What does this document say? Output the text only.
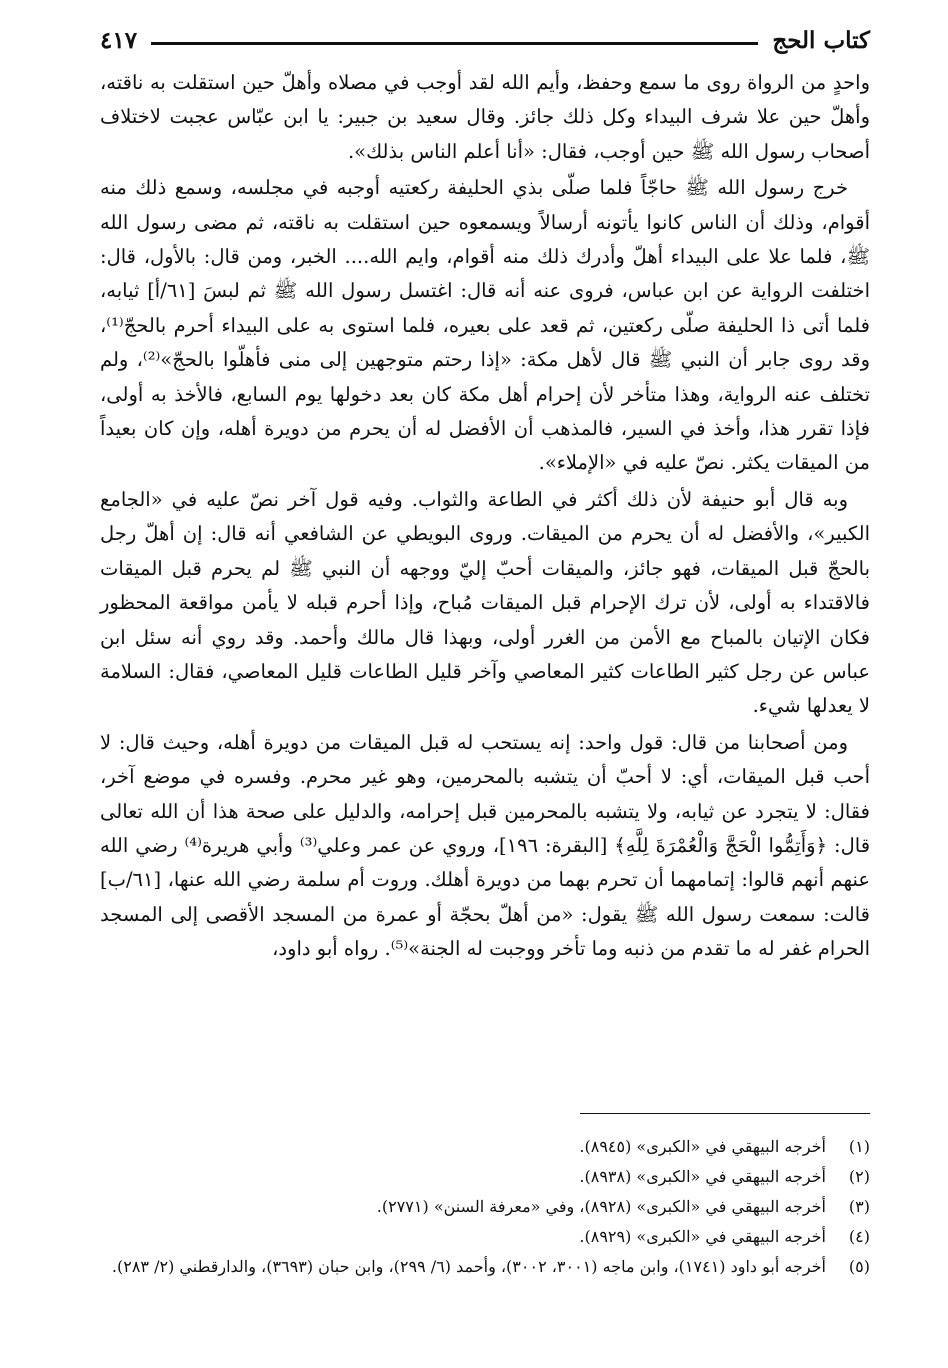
كتاب الحج
٤١٧

واحدٍ من الرواة روى ما سمع وحفظ، وأيم الله لقد أوجب في مصلاه وأهلّ حين استقلت به ناقته، وأهلّ حين علا شرف البيداء وكل ذلك جائز. وقال سعيد بن جبير: يا ابن عبّاس عجبت لاختلاف أصحاب رسول الله ﷺ حين أوجب، فقال: «أنا أعلم الناس بذلك».

خرج رسول الله ﷺ حاجّاً فلما صلّى بذي الحليفة ركعتيه أوجبه في مجلسه، وسمع ذلك منه أقوام، وذلك أن الناس كانوا يأتونه أرسالاً ويسمعوه حين استقلت به ناقته، ثم مضى رسول الله ﷺ، فلما علا على البيداء أهلّ وأدرك ذلك منه أقوام، وايم الله.... الخبر، ومن قال: بالأول، قال: اختلفت الرواية عن ابن عباس، فروى عنه أنه قال: اغتسل رسول الله ﷺ ثم لبسَ [٦١/أ] ثيابه، فلما أتى ذا الحليفة صلّى ركعتين، ثم قعد على بعيره، فلما استوى به على البيداء أحرم بالحجّ⁽¹⁾، وقد روى جابر أن النبي ﷺ قال لأهل مكة: «إذا رحتم متوجهين إلى منى فأهلّوا بالحجّ»⁽²⁾، ولم تختلف عنه الرواية، وهذا متأخر لأن إحرام أهل مكة كان بعد دخولها يوم السابع، فالأخذ به أولى، فإذا تقرر هذا، وأخذ في السير، فالمذهب أن الأفضل له أن يحرم من دويرة أهله، وإن كان بعيداً من الميقات يكثر. نصّ عليه في «الإملاء».

وبه قال أبو حنيفة لأن ذلك أكثر في الطاعة والثواب. وفيه قول آخر نصّ عليه في «الجامع الكبير»، والأفضل له أن يحرم من الميقات. وروى البويطي عن الشافعي أنه قال: إن أهلّ رجل بالحجّ قبل الميقات، فهو جائز، والميقات أحبّ إليّ ووجهه أن النبي ﷺ لم يحرم قبل الميقات فالاقتداء به أولى، لأن ترك الإحرام قبل الميقات مُباح، وإذا أحرم قبله لا يأمن مواقعة المحظور فكان الإتيان بالمباح مع الأمن من الغرر أولى، وبهذا قال مالك وأحمد. وقد روي أنه سئل ابن عباس عن رجل كثير الطاعات كثير المعاصي وآخر قليل الطاعات قليل المعاصي، فقال: السلامة لا يعدلها شيء.

ومن أصحابنا من قال: قول واحد: إنه يستحب له قبل الميقات من دويرة أهله، وحيث قال: لا أحب قبل الميقات، أي: لا أحبّ أن يتشبه بالمحرمين، وهو غير محرم. وفسره في موضع آخر، فقال: لا يتجرد عن ثيابه، ولا يتشبه بالمحرمين قبل إحرامه، والدليل على صحة هذا أن الله تعالى قال: ﴿وَأَتِمُّوا الْحَجَّ وَالْعُمْرَةَ لِلَّهِ﴾ [البقرة: ١٩٦]، وروي عن عمر وعلي⁽³⁾ وأبي هريرة⁽⁴⁾ رضي الله عنهم أنهم قالوا: إتمامهما أن تحرم بهما من دويرة أهلك. وروت أم سلمة رضي الله عنها، [٦١/ب] قالت: سمعت رسول الله ﷺ يقول: «من أهلّ بحجّة أو عمرة من المسجد الأقصى إلى المسجد الحرام غفر له ما تقدم من ذنبه وما تأخر ووجبت له الجنة»⁽⁵⁾. رواه أبو داود،

(١)
أخرجه البيهقي في «الكبرى» (٨٩٤٥).
(٢)
أخرجه البيهقي في «الكبرى» (٨٩٣٨).
(٣)
أخرجه البيهقي في «الكبرى» (٨٩٢٨)، وفي «معرفة السنن» (٢٧٧١).
(٤)
أخرجه البيهقي في «الكبرى» (٨٩٢٩).
(٥)
أخرجه أبو داود (١٧٤١)، وابن ماجه (٣٠٠١، ٣٠٠٢)، وأحمد (٦/ ٢٩٩)، وابن حبان (٣٦٩٣)، والدارقطني (٢/ ٢٨٣).
